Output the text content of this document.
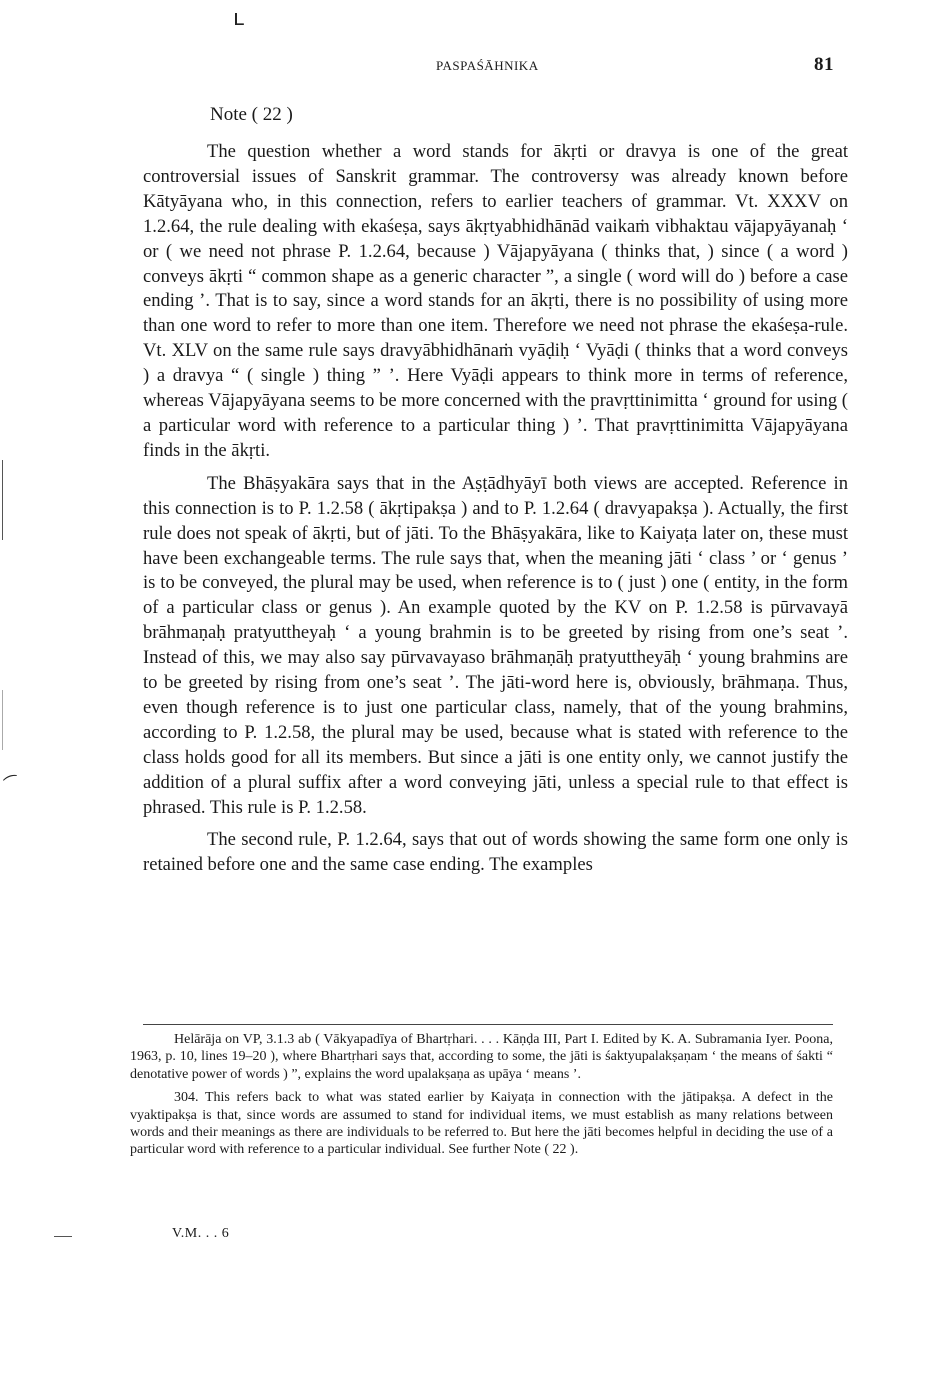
ʟ
⁀
PASPAŚĀHNIKA	81
Note ( 22 )

The question whether a word stands for ākṛti or dravya is one of the great controversial issues of Sanskrit grammar. The controversy was already known before Kātyāyana who, in this connection, refers to earlier teachers of grammar. Vt. XXXV on 1.2.64, the rule dealing with ekaśeṣa, says ākṛtyabhidhānād vaikaṁ vibhaktau vājapyāyanaḥ ‘ or ( we need not phrase P. 1.2.64, because ) Vājapyāyana ( thinks that, ) since ( a word ) conveys ākṛti “ common shape as a generic character ”, a single ( word will do ) before a case ending ’. That is to say, since a word stands for an ākṛti, there is no possibility of using more than one word to refer to more than one item. Therefore we need not phrase the ekaśeṣa-rule. Vt. XLV on the same rule says dravyābhidhānaṁ vyāḍiḥ ‘ Vyāḍi ( thinks that a word conveys ) a dravya “ ( single ) thing ” ’. Here Vyāḍi appears to think more in terms of reference, whereas Vājapyāyana seems to be more concerned with the pravṛttinimitta ‘ ground for using ( a particular word with reference to a particular thing ) ’. That pravṛttinimitta Vājapyāyana finds in the ākṛti.

The Bhāṣyakāra says that in the Aṣṭādhyāyī both views are accepted. Reference in this connection is to P. 1.2.58 ( ākṛtipakṣa ) and to P. 1.2.64 ( dravyapakṣa ). Actually, the first rule does not speak of ākṛti, but of jāti. To the Bhāṣyakāra, like to Kaiyaṭa later on, these must have been exchangeable terms. The rule says that, when the meaning jāti ‘ class ’ or ‘ genus ’ is to be conveyed, the plural may be used, when reference is to ( just ) one ( entity, in the form of a particular class or genus ). An example quoted by the KV on P. 1.2.58 is pūrvavayā brāhmaṇaḥ pratyuttheyaḥ ‘ a young brahmin is to be greeted by rising from one’s seat ’. Instead of this, we may also say pūrvavayaso brāhmaṇāḥ pratyuttheyāḥ ‘ young brahmins are to be greeted by rising from one’s seat ’. The jāti-word here is, obviously, brāhmaṇa. Thus, even though reference is to just one particular class, namely, that of the young brahmins, according to P. 1.2.58, the plural may be used, because what is stated with reference to the class holds good for all its members. But since a jāti is one entity only, we cannot justify the addition of a plural suffix after a word conveying jāti, unless a special rule to that effect is phrased. This rule is P. 1.2.58.

The second rule, P. 1.2.64, says that out of words showing the same form one only is retained before one and the same case ending. The examples

Helārāja on VP, 3.1.3 ab ( Vākyapadīya of Bhartṛhari. . . . Kāṇḍa III, Part I. Edited by K. A. Subramania Iyer. Poona, 1963, p. 10, lines 19–20 ), where Bhartṛhari says that, according to some, the jāti is śaktyupalakṣaṇam ‘ the means of śakti “ denotative power of words ) ”, explains the word upalakṣaṇa as upāya ‘ means ’.

304. This refers back to what was stated earlier by Kaiyaṭa in connection with the jātipakṣa. A defect in the vyaktipakṣa is that, since words are assumed to stand for individual items, we must establish as many relations between words and their meanings as there are individuals to be referred to. But here the jāti becomes helpful in deciding the use of a particular word with reference to a particular individual. See further Note ( 22 ).

V.M. . . 6
